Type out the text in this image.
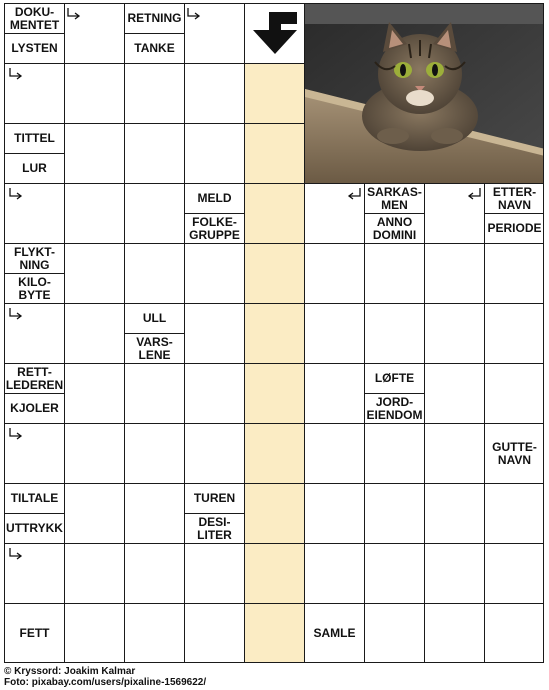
DOKU-
MENTET
LYSTEN
RETNING
TANKE
TITTEL
LUR
MELD
FOLKE-
GRUPPE
SARKAS-
MEN
ANNO
DOMINI
ETTER-
NAVN
PERIODE
FLYKT-
NING
KILO-
BYTE
ULL
VARS-
LENE
RETT-
LEDEREN
KJOLER
LØFTE
JORD-
EIENDOM
GUTTE-
NAVN
TILTALE
UTTRYKK
TUREN
DESI-
LITER
FETT	SAMLE
© Kryssord: Joakim Kalmar
Foto: pixabay.com/users/pixaline-1569622/
